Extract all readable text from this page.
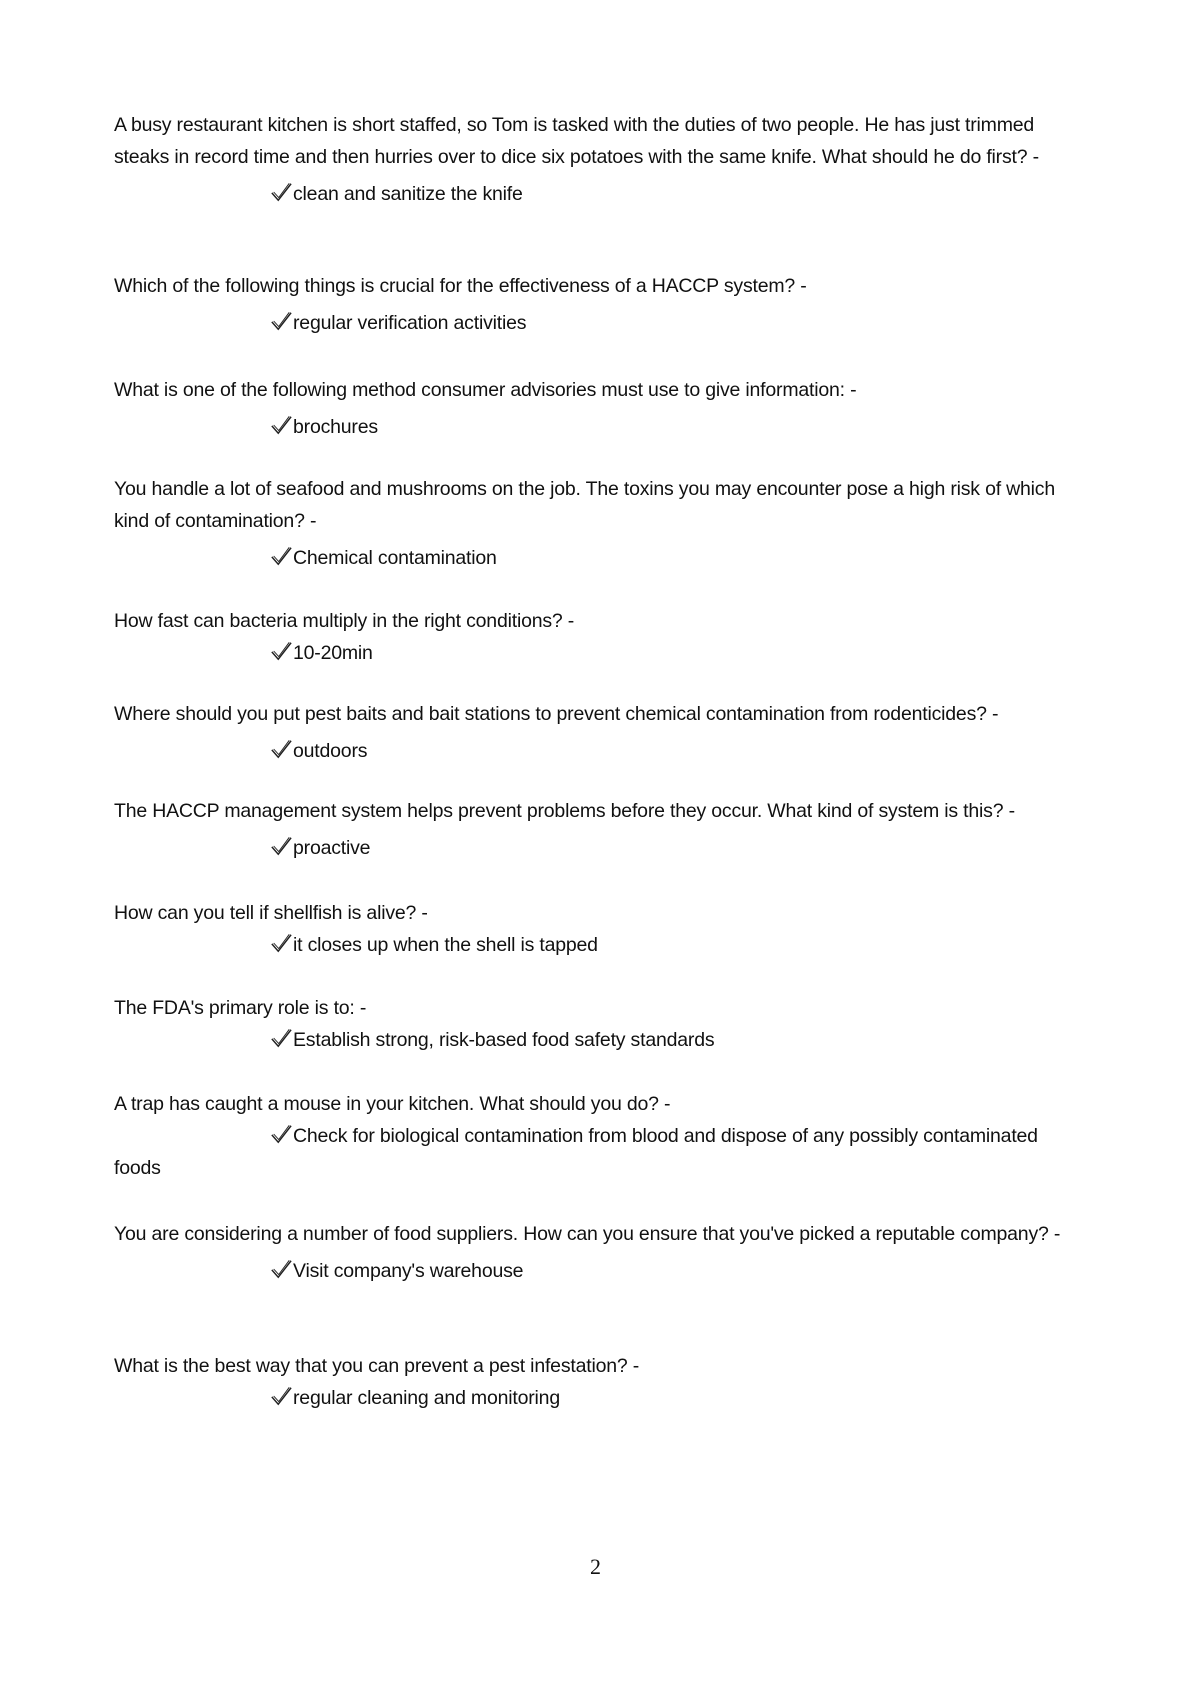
A busy restaurant kitchen is short staffed, so Tom is tasked with the duties of two people. He has just trimmed steaks in record time and then hurries over to dice six potatoes with the same knife. What should he do first? -

clean and sanitize the knife

Which of the following things is crucial for the effectiveness of a HACCP system? -

regular verification activities

What is one of the following method consumer advisories must use to give information: -

brochures

You handle a lot of seafood and mushrooms on the job. The toxins you may encounter pose a high risk of which kind of contamination? -

Chemical contamination

How fast can bacteria multiply in the right conditions? -

10-20min

Where should you put pest baits and bait stations to prevent chemical contamination from rodenticides? -

outdoors

The HACCP management system helps prevent problems before they occur. What kind of system is this? -

proactive

How can you tell if shellfish is alive? -

it closes up when the shell is tapped

The FDA's primary role is to: -

Establish strong, risk-based food safety standards

A trap has caught a mouse in your kitchen. What should you do? -

Check for biological contamination from blood and dispose of any possibly contaminated foods

You are considering a number of food suppliers. How can you ensure that you've picked a reputable company? -

Visit company's warehouse

What is the best way that you can prevent a pest infestation? -

regular cleaning and monitoring

2
